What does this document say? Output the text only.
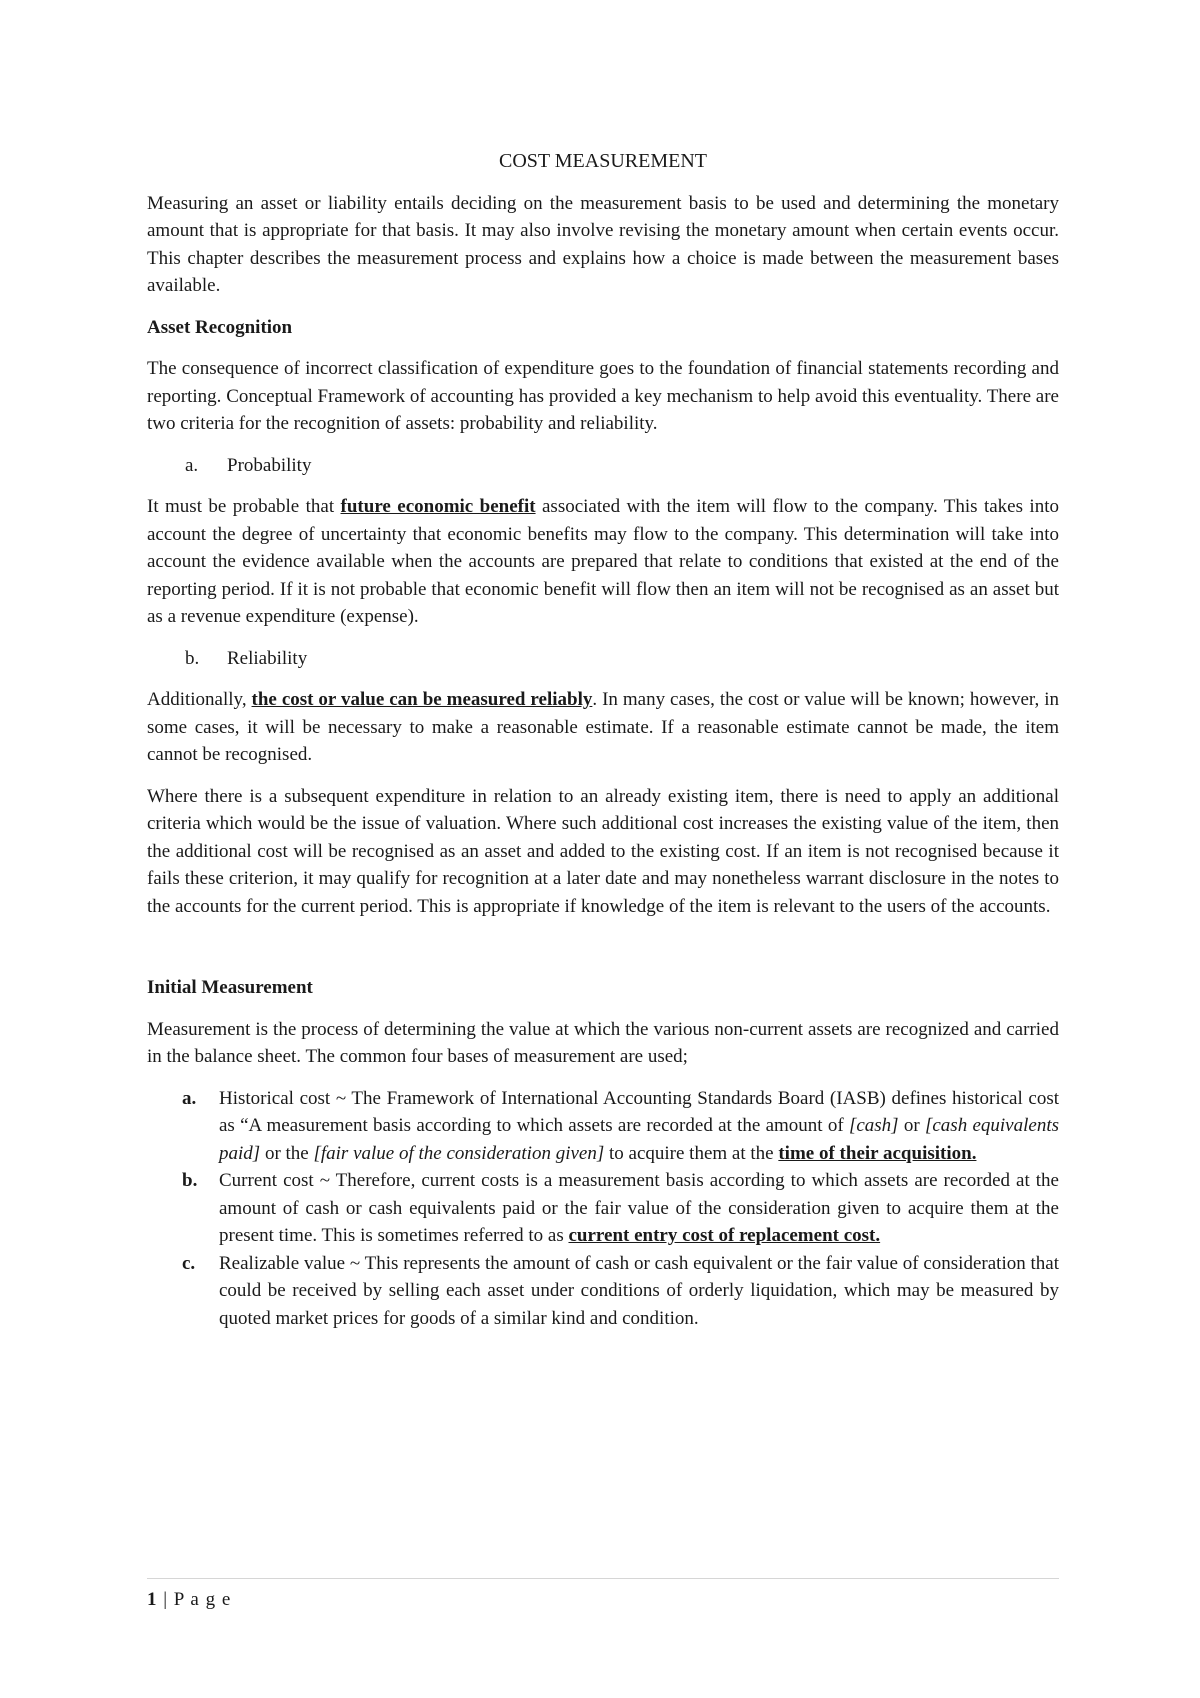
COST MEASUREMENT

Measuring an asset or liability entails deciding on the measurement basis to be used and determining the monetary amount that is appropriate for that basis. It may also involve revising the monetary amount when certain events occur. This chapter describes the measurement process and explains how a choice is made between the measurement bases available.

Asset Recognition

The consequence of incorrect classification of expenditure goes to the foundation of financial statements recording and reporting. Conceptual Framework of accounting has provided a key mechanism to help avoid this eventuality. There are two criteria for the recognition of assets: probability and reliability.

a.	Probability

It must be probable that future economic benefit associated with the item will flow to the company. This takes into account the degree of uncertainty that economic benefits may flow to the company. This determination will take into account the evidence available when the accounts are prepared that relate to conditions that existed at the end of the reporting period. If it is not probable that economic benefit will flow then an item will not be recognised as an asset but as a revenue expenditure (expense).

b.	Reliability

Additionally, the cost or value can be measured reliably. In many cases, the cost or value will be known; however, in some cases, it will be necessary to make a reasonable estimate. If a reasonable estimate cannot be made, the item cannot be recognised.

Where there is a subsequent expenditure in relation to an already existing item, there is need to apply an additional criteria which would be the issue of valuation. Where such additional cost increases the existing value of the item, then the additional cost will be recognised as an asset and added to the existing cost. If an item is not recognised because it fails these criterion, it may qualify for recognition at a later date and may nonetheless warrant disclosure in the notes to the accounts for the current period. This is appropriate if knowledge of the item is relevant to the users of the accounts.

Initial Measurement

Measurement is the process of determining the value at which the various non-current assets are recognized and carried in the balance sheet. The common four bases of measurement are used;

a.	Historical cost ~ The Framework of International Accounting Standards Board (IASB) defines historical cost as “A measurement basis according to which assets are recorded at the amount of [cash] or [cash equivalents paid] or the [fair value of the consideration given] to acquire them at the time of their acquisition.
b.	Current cost ~ Therefore, current costs is a measurement basis according to which assets are recorded at the amount of cash or cash equivalents paid or the fair value of the consideration given to acquire them at the present time. This is sometimes referred to as current entry cost of replacement cost.
c.	Realizable value ~ This represents the amount of cash or cash equivalent or the fair value of consideration that could be received by selling each asset under conditions of orderly liquidation, which may be measured by quoted market prices for goods of a similar kind and condition.
1 | P a g e
